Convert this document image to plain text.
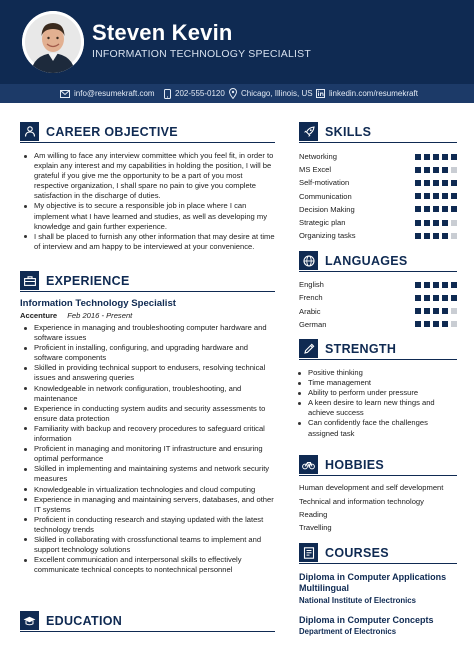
Steven Kevin
INFORMATION TECHNOLOGY SPECIALIST
info@resumekraft.com	202-555-0120 Chicago, Illinois, US linkedin.com/resumekraft
CAREER OBJECTIVE
Am willing to face any interview committee which you feel fit, in order to explain any interest and my capabilities in holding the position, I will be grateful if you give me the opportunity to be a part of you most respective organization, I shall spare no pain to give you complete satisfaction in the discharge of duties.
My objective is to secure a responsible job in place where I can implement what I have learned and studies, as well as developing my knowledge and gain further experience.
I shall be placed to furnish any other information that may desire at time of interview and am happy to be interviewed at your convenience.
EXPERIENCE
Information Technology Specialist
Accenture Feb 2016 - Present
Experience in managing and troubleshooting computer hardware and software issues
Proficient in installing, configuring, and upgrading hardware and software components
Skilled in providing technical support to endusers, resolving technical issues and answering queries
Knowledgeable in network configuration, troubleshooting, and maintenance
Experience in conducting system audits and security assessments to ensure data protection
Familiarity with backup and recovery procedures to safeguard critical information
Proficient in managing and monitoring IT infrastructure and ensuring optimal performance
Skilled in implementing and maintaining systems and network security measures
Knowledgeable in virtualization technologies and cloud computing
Experience in managing and maintaining servers, databases, and other IT systems
Proficient in conducting research and staying updated with the latest technology trends
Skilled in collaborating with crossfunctional teams to implement and support technology solutions
Excellent communication and interpersonal skills to effectively communicate technical concepts to nontechnical personnel
EDUCATION
SKILLS
Networking
MS Excel
Self-motivation
Communication
Decision Making
Strategic plan
Organizing tasks
LANGUAGES
English
French
Arabic
German
STRENGTH
Positive thinking
Time management
Ability to perform under pressure
A keen desire to learn new things and achieve success
Can confidently face the challenges assigned task
HOBBIES
Human development and self development
Technical and information technology
Reading
Travelling
COURSES
Diploma in Computer Applications Multilingual
National Institute of Electronics
Diploma in Computer Concepts
Department of Electronics
